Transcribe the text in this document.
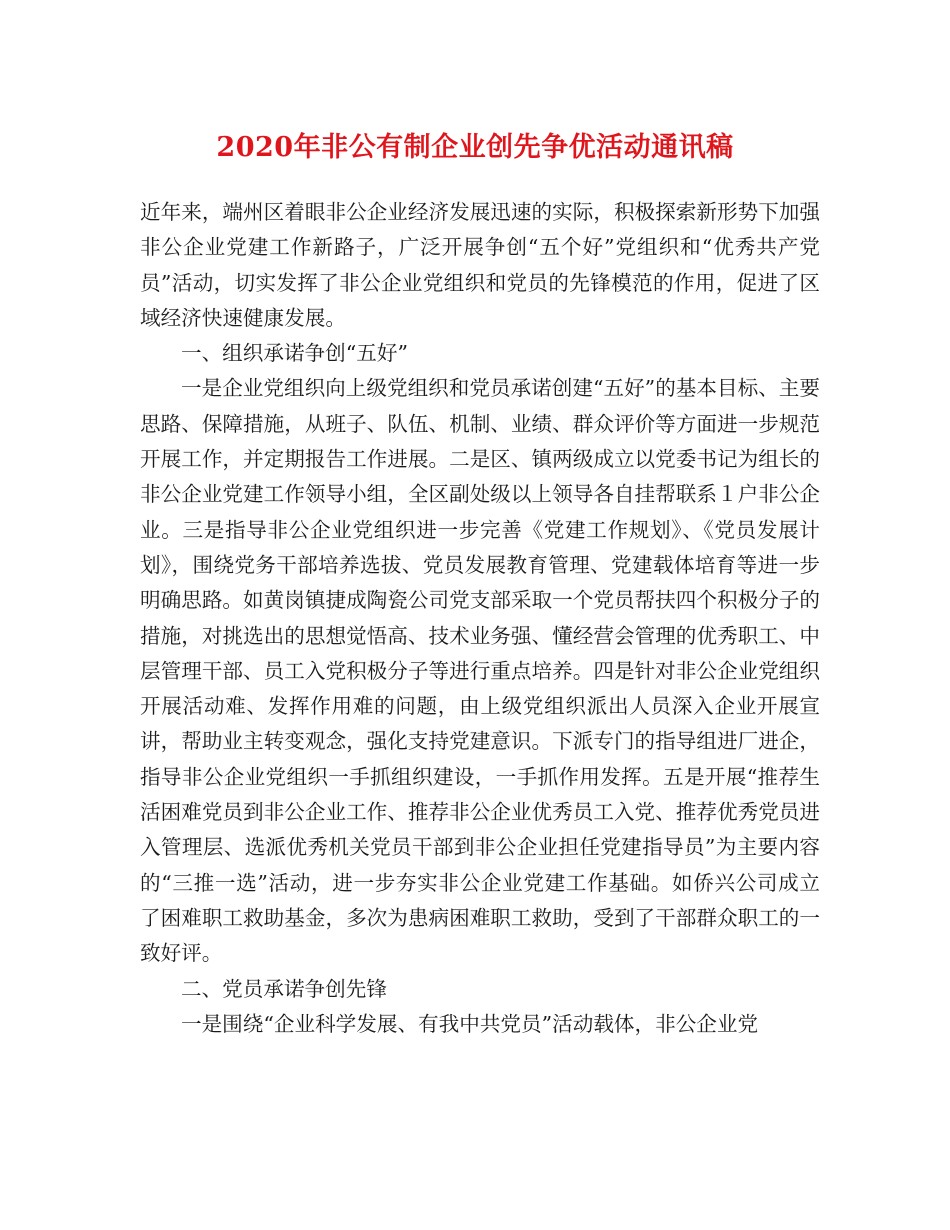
2020年非公有制企业创先争优活动通讯稿

近年来，端州区着眼非公企业经济发展迅速的实际，积极探索新形势下加强非公企业党建工作新路子，广泛开展争创“五个好”党组织和“优秀共产党员”活动，切实发挥了非公企业党组织和党员的先锋模范的作用，促进了区域经济快速健康发展。

一、组织承诺争创“五好”

一是企业党组织向上级党组织和党员承诺创建“五好”的基本目标、主要思路、保障措施，从班子、队伍、机制、业绩、群众评价等方面进一步规范开展工作，并定期报告工作进展。二是区、镇两级成立以党委书记为组长的非公企业党建工作领导小组，全区副处级以上领导各自挂帮联系１户非公企业。三是指导非公企业党组织进一步完善《党建工作规划》、《党员发展计划》，围绕党务干部培养选拔、党员发展教育管理、党建载体培育等进一步明确思路。如黄岗镇捷成陶瓷公司党支部采取一个党员帮扶四个积极分子的措施，对挑选出的思想觉悟高、技术业务强、懂经营会管理的优秀职工、中层管理干部、员工入党积极分子等进行重点培养。四是针对非公企业党组织开展活动难、发挥作用难的问题，由上级党组织派出人员深入企业开展宣讲，帮助业主转变观念，强化支持党建意识。下派专门的指导组进厂进企，指导非公企业党组织一手抓组织建设，一手抓作用发挥。五是开展“推荐生活困难党员到非公企业工作、推荐非公企业优秀员工入党、推荐优秀党员进入管理层、选派优秀机关党员干部到非公企业担任党建指导员”为主要内容的“三推一选”活动，进一步夯实非公企业党建工作基础。如侨兴公司成立了困难职工救助基金，多次为患病困难职工救助，受到了干部群众职工的一致好评。

二、党员承诺争创先锋

一是围绕“企业科学发展、有我中共党员”活动载体，非公企业党
